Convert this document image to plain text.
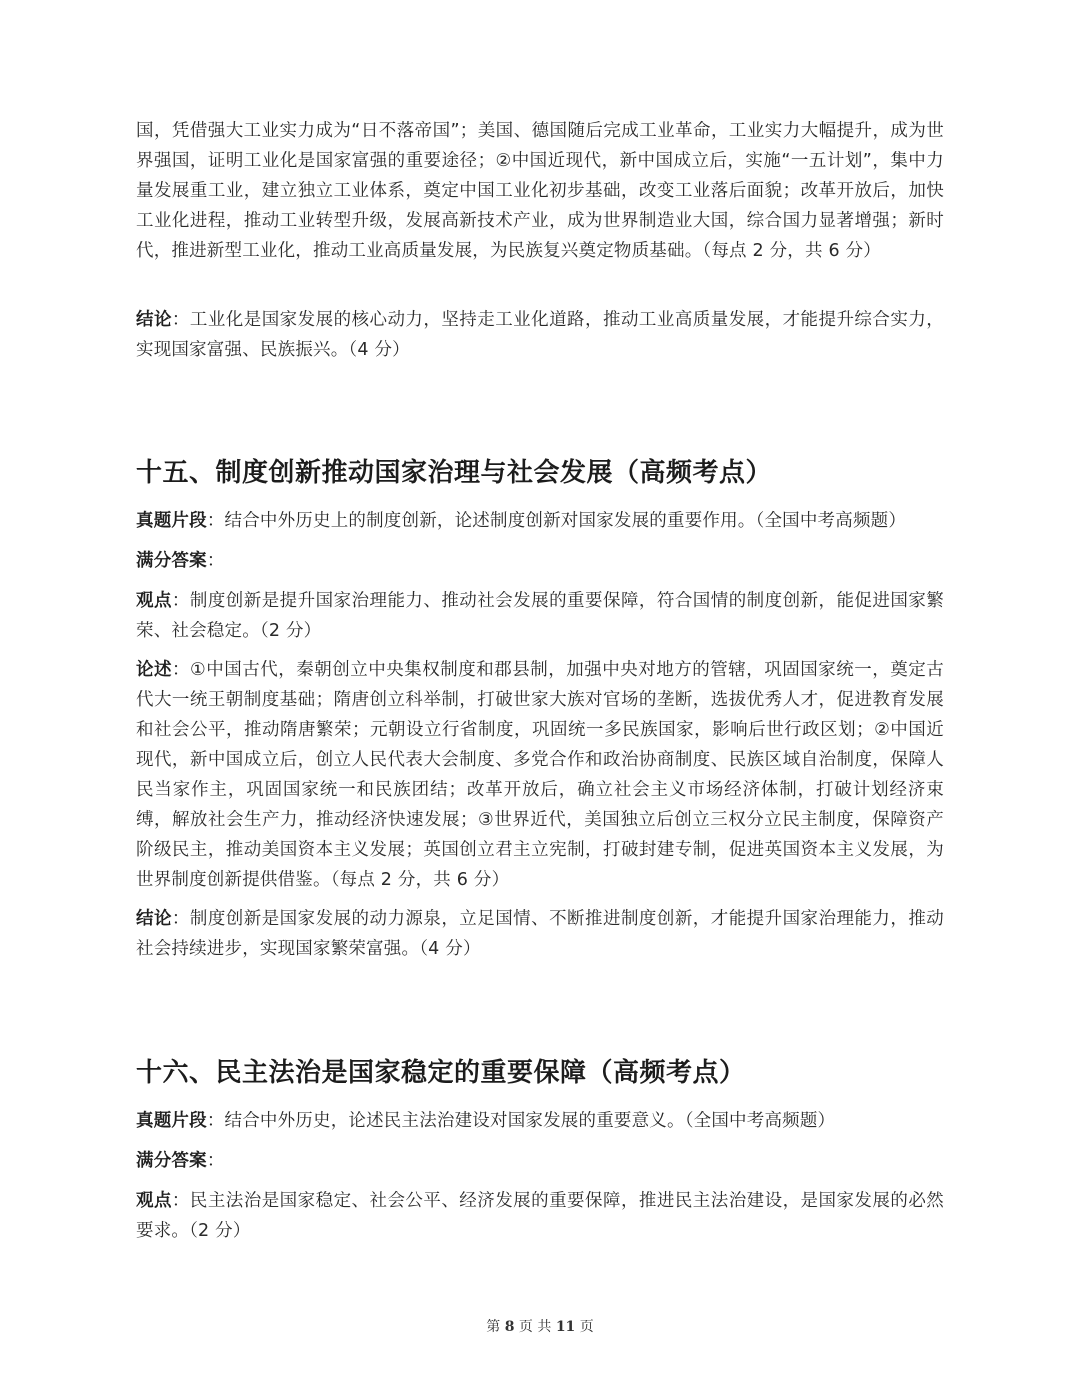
国，凭借强大工业实力成为“日不落帝国”；美国、德国随后完成工业革命，工业实力大幅提升，成为世界强国，证明工业化是国家富强的重要途径；②中国近现代，新中国成立后，实施“一五计划”，集中力量发展重工业，建立独立工业体系，奠定中国工业化初步基础，改变工业落后面貌；改革开放后，加快工业化进程，推动工业转型升级，发展高新技术产业，成为世界制造业大国，综合国力显著增强；新时代，推进新型工业化，推动工业高质量发展，为民族复兴奠定物质基础。（每点 2 分，共 6 分）

结论：工业化是国家发展的核心动力，坚持走工业化道路，推动工业高质量发展，才能提升综合实力，实现国家富强、民族振兴。（4 分）

十五、制度创新推动国家治理与社会发展（高频考点）

真题片段：结合中外历史上的制度创新，论述制度创新对国家发展的重要作用。（全国中考高频题）

满分答案：

观点：制度创新是提升国家治理能力、推动社会发展的重要保障，符合国情的制度创新，能促进国家繁荣、社会稳定。（2 分）

论述：①中国古代，秦朝创立中央集权制度和郡县制，加强中央对地方的管辖，巩固国家统一，奠定古代大一统王朝制度基础；隋唐创立科举制，打破世家大族对官场的垄断，选拔优秀人才，促进教育发展和社会公平，推动隋唐繁荣；元朝设立行省制度，巩固统一多民族国家，影响后世行政区划；②中国近现代，新中国成立后，创立人民代表大会制度、多党合作和政治协商制度、民族区域自治制度，保障人民当家作主，巩固国家统一和民族团结；改革开放后，确立社会主义市场经济体制，打破计划经济束缚，解放社会生产力，推动经济快速发展；③世界近代，美国独立后创立三权分立民主制度，保障资产阶级民主，推动美国资本主义发展；英国创立君主立宪制，打破封建专制，促进英国资本主义发展，为世界制度创新提供借鉴。（每点 2 分，共 6 分）

结论：制度创新是国家发展的动力源泉，立足国情、不断推进制度创新，才能提升国家治理能力，推动社会持续进步，实现国家繁荣富强。（4 分）

十六、民主法治是国家稳定的重要保障（高频考点）

真题片段：结合中外历史，论述民主法治建设对国家发展的重要意义。（全国中考高频题）

满分答案：

观点：民主法治是国家稳定、社会公平、经济发展的重要保障，推进民主法治建设，是国家发展的必然要求。（2 分）

第 8 页 共 11 页
